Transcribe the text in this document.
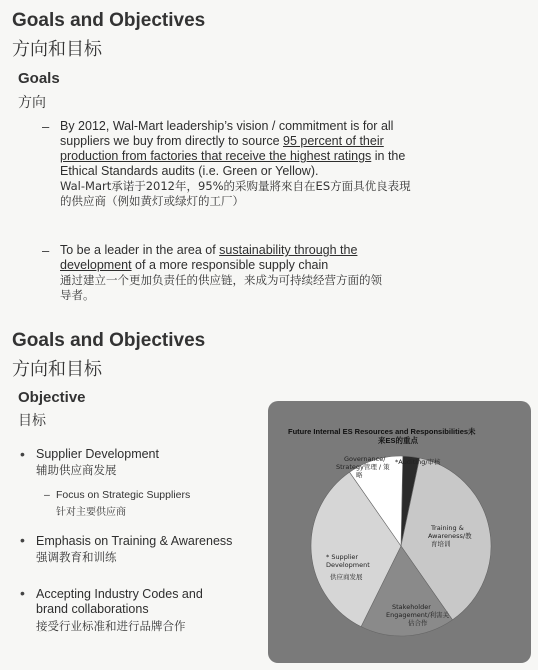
Goals and Objectives
方向和目标
Goals
方向
– By 2012, Wal-Mart leadership’s vision / commitment is for all
suppliers we buy from directly to source 95 percent of their
production from factories that receive the highest ratings in the
Ethical Standards audits (i.e. Green or Yellow).
Wal-Mart承诺于2012年，95%的采购量將來自在ES方面具优良表現
的供应商（例如黄灯或绿灯的工厂）
– To be a leader in the area of sustainability through the
development of a more responsible supply chain
通过建立一个更加负责任的供应链，来成为可持续经营方面的领
导者。
Goals and Objectives
方向和目标
Objective
目标
• Supplier Development
辅助供应商发展
– Focus on Strategic Suppliers
针对主要供应商
• Emphasis on Training & Awareness
强调教育和训练
• Accepting Industry Codes and
brand collaborations
接受行业标准和进行品牌合作
Future Internal ES Resources and Responsibilities未
来ES的重点
*Auditing/审核
Training &
Awareness/教
育培训
Stakeholder
Engagement/利害关
估合作
* Supplier
Development
供应商发展
Governance/
Strategy管理 / 策
略
